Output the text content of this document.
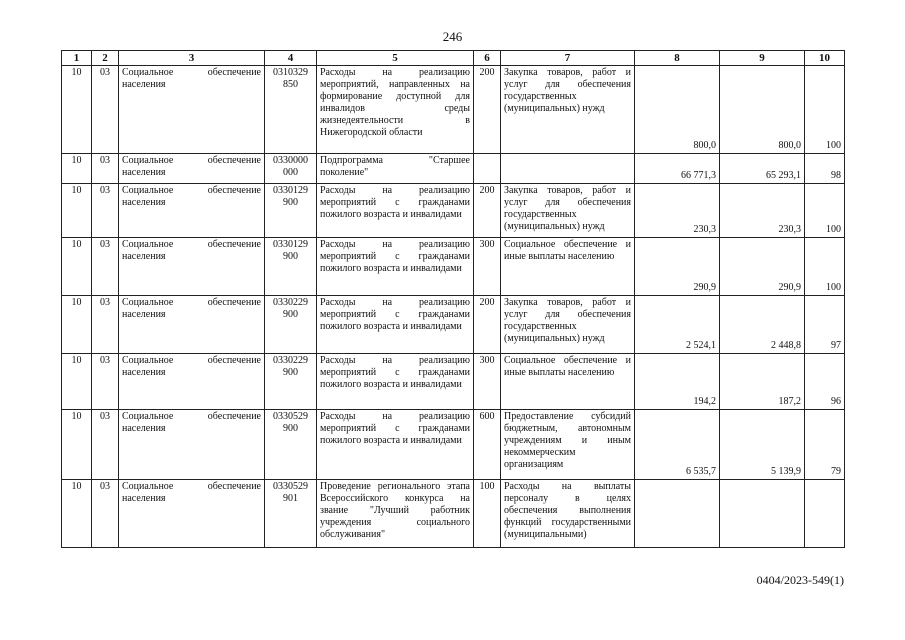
246
1	2	3	4	5	6	7	8	9	10
10	03	Социальное обеспечение населения	0310329 850	Расходы на реализацию мероприятий, направленных на формирование доступной для инвалидов среды жизнедеятельности в Нижегородской области	200	Закупка товаров, работ и услуг для обеспечения государственных (муниципальных) нужд	800,0	800,0	100
10	03	Социальное обеспечение населения	0330000 000	Подпрограмма "Старшее поколение"			66 771,3	65 293,1	98
10	03	Социальное обеспечение населения	0330129 900	Расходы на реализацию мероприятий с гражданами пожилого возраста и инвалидами	200	Закупка товаров, работ и услуг для обеспечения государственных (муниципальных) нужд	230,3	230,3	100
10	03	Социальное обеспечение населения	0330129 900	Расходы на реализацию мероприятий с гражданами пожилого возраста и инвалидами	300	Социальное обеспечение и иные выплаты населению	290,9	290,9	100
10	03	Социальное обеспечение населения	0330229 900	Расходы на реализацию мероприятий с гражданами пожилого возраста и инвалидами	200	Закупка товаров, работ и услуг для обеспечения государственных (муниципальных) нужд	2 524,1	2 448,8	97
10	03	Социальное обеспечение населения	0330229 900	Расходы на реализацию мероприятий с гражданами пожилого возраста и инвалидами	300	Социальное обеспечение и иные выплаты населению	194,2	187,2	96
10	03	Социальное обеспечение населения	0330529 900	Расходы на реализацию мероприятий с гражданами пожилого возраста и инвалидами	600	Предоставление субсидий бюджетным, автономным учреждениям и иным некоммерческим организациям	6 535,7	5 139,9	79
10	03	Социальное обеспечение населения	0330529 901	Проведение регионального этапа Всероссийского конкурса на звание "Лучший работник учреждения социального обслуживания"	100	Расходы на выплаты персоналу в целях обеспечения выполнения функций государственными (муниципальными)			
0404/2023-549(1)
